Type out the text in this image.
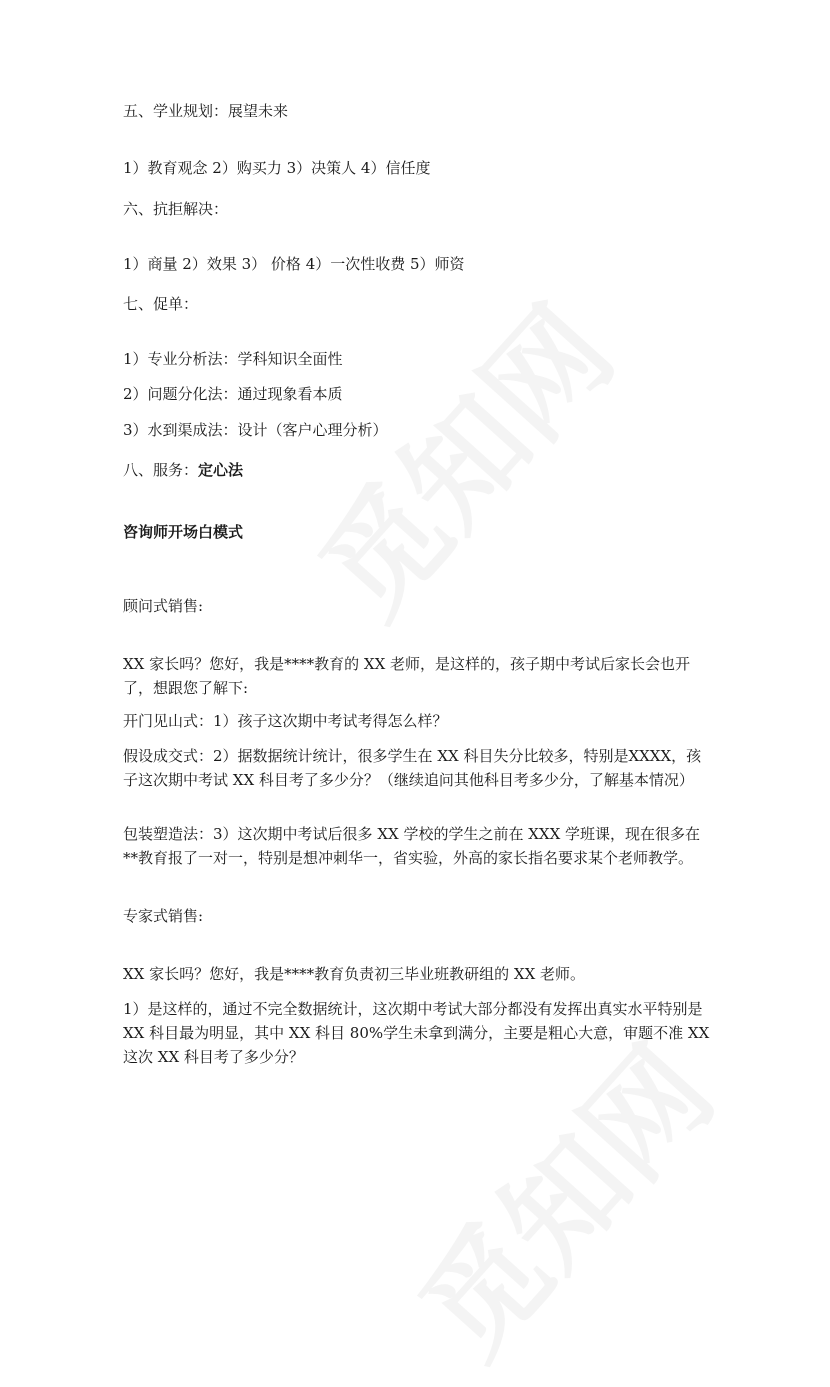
五、学业规划：展望未来
1）教育观念 2）购买力 3）决策人 4）信任度
六、抗拒解决：
1）商量 2）效果 3） 价格 4）一次性收费 5）师资
七、促单：
1）专业分析法：学科知识全面性
2）问题分化法：通过现象看本质
3）水到渠成法：设计（客户心理分析）
八、服务：定心法
咨询师开场白模式
顾问式销售:
XX 家长吗？您好，我是****教育的 XX 老师，是这样的，孩子期中考试后家长会也开了，想跟您了解下:
开门见山式：1）孩子这次期中考试考得怎么样？
假设成交式：2）据数据统计统计，很多学生在 XX 科目失分比较多，特别是XXXX，孩子这次期中考试 XX 科目考了多少分？（继续追问其他科目考多少分，了解基本情况）
包装塑造法：3）这次期中考试后很多 XX 学校的学生之前在 XXX 学班课，现在很多在**教育报了一对一，特别是想冲刺华一，省实验，外高的家长指名要求某个老师教学。
专家式销售:
XX 家长吗？您好，我是****教育负责初三毕业班教研组的 XX 老师。
1）是这样的，通过不完全数据统计，这次期中考试大部分都没有发挥出真实水平特别是 XX 科目最为明显，其中 XX 科目 80%学生未拿到满分，主要是粗心大意，审题不准 XX 这次 XX 科目考了多少分？
